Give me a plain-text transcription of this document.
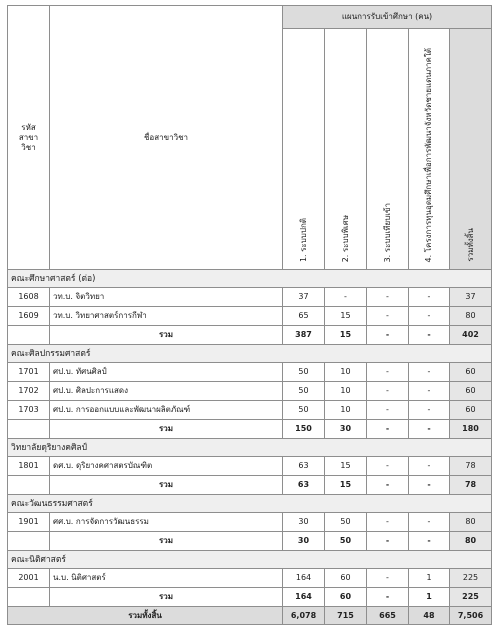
รหัส สาขา วิชา	ชื่อสาขาวิชา	แผนการรับเข้าศึกษา (คน)				
		1. ระบบปกติ	2. ระบบพิเศษ	3. ระบบเทียบเข้า	4. โครงการทุนอุดมศึกษาเพื่อการพัฒนาจังหวัดชายแดนภาคใต้	รวมทั้งสิ้น
คณะศึกษาศาสตร์ (ต่อ)						
1608	วท.บ. จิตวิทยา	37	-	-	-	37
1609	วท.บ. วิทยาศาสตร์การกีฬา	65	15	-	-	80
	รวม	387	15	-	-	402
คณะศิลปกรรมศาสตร์						
1701	ศป.บ. ทัศนศิลป์	50	10	-	-	60
1702	ศป.บ. ศิลปะการแสดง	50	10	-	-	60
1703	ศป.บ. การออกแบบและพัฒนาผลิตภัณฑ์	50	10	-	-	60
	รวม	150	30	-	-	180
วิทยาลัยดุริยางคศิลป์						
1801	ดศ.บ. ดุริยางคศาสตรบัณฑิต	63	15	-	-	78
	รวม	63	15	-	-	78
คณะวัฒนธรรมศาสตร์						
1901	ศศ.บ. การจัดการวัฒนธรรม	30	50	-	-	80
	รวม	30	50	-	-	80
คณะนิติศาสตร์						
2001	น.บ. นิติศาสตร์	164	60	-	1	225
	รวม	164	60	-	1	225
รวมทั้งสิ้น		6,078	715	665	48	7,506
